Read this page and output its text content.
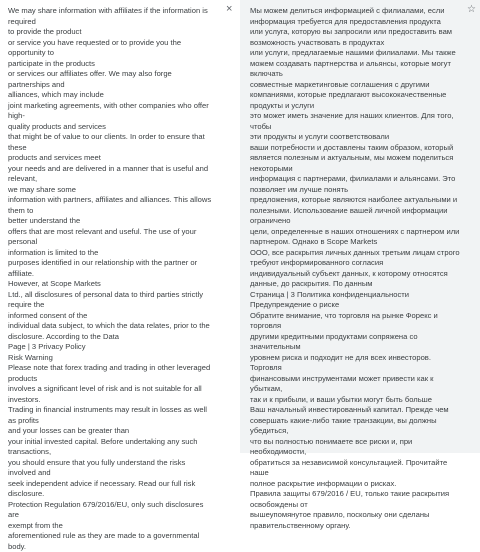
We may share information with affiliates if the information is required
to provide the product
or service you have requested or to provide you the opportunity to
participate in the products
or services our affiliates offer. We may also forge partnerships and
alliances, which may include
joint marketing agreements, with other companies who offer high-
quality products and services
that might be of value to our clients. In order to ensure that these
products and services meet
your needs and are delivered in a manner that is useful and relevant,
we may share some
information with partners, affiliates and alliances. This allows them to
better understand the
offers that are most relevant and useful. The use of your personal
information is limited to the
purposes identified in our relationship with the partner or affiliate.
However, at Scope Markets
Ltd., all disclosures of personal data to third parties strictly require the
informed consent of the
individual data subject, to which the data relates, prior to the
disclosure. According to the Data
Page | 3 Privacy Policy
Risk Warning
Please note that forex trading and trading in other leveraged products
involves a significant level of risk and is not suitable for all investors.
Trading in financial instruments may result in losses as well as profits
and your losses can be greater than
your initial invested capital. Before undertaking any such transactions,
you should ensure that you fully understand the risks involved and
seek independent advice if necessary. Read our full risk disclosure.
Protection Regulation 679/2016/EU, only such disclosures are
exempt from the
aforementioned rule as they are made to a governmental body.
× Мы можем делиться информацией с филиалами, если
информация требуется для предоставления продукта
или услуга, которую вы запросили или предоставить вам
возможность участвовать в продуктах
или услуги, предлагаемые нашими филиалами. Мы также
можем создавать партнерства и альянсы, которые могут
включать
совместные маркетинговые соглашения с другими
компаниями, которые предлагают высококачественные
продукты и услуги
это может иметь значение для наших клиентов. Для того, чтобы
эти продукты и услуги соответствовали
ваши потребности и доставлены таким образом, который
является полезным и актуальным, мы можем поделиться
некоторыми
информация с партнерами, филиалами и альянсами. Это
позволяет им лучше понять
предложения, которые являются наиболее актуальными и
полезными. Использование вашей личной информации
ограничено
цели, определенные в наших отношениях с партнером или
партнером. Однако в Scope Markets
ООО, все раскрытия личных данных третьим лицам строго
требуют информированного согласия
индивидуальный субъект данных, к которому относятся
данные, до раскрытия. По данным
Страница | 3 Политика конфиденциальности
Предупреждение о риске
Обратите внимание, что торговля на рынке Форекс и торговля
другими кредитными продуктами сопряжена со значительным
уровнем риска и подходит не для всех инвесторов. Торговля
финансовыми инструментами может привести как к убыткам,
так и к прибыли, и ваши убытки могут быть больше
Ваш начальный инвестированный капитал. Прежде чем
совершать какие-либо такие транзакции, вы должны убедиться,
что вы полностью понимаете все риски и, при необходимости,
обратиться за независимой консультацией. Прочитайте наше
полное раскрытие информации о рисках.
Правила защиты 679/2016 / EU, только такие раскрытия
освобождены от
вышеупомянутое правило, поскольку они сделаны
правительственному органу.
☆
